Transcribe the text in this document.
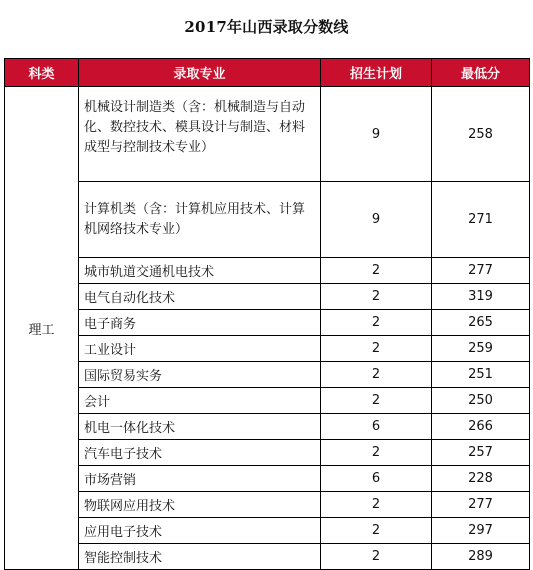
2017年山西录取分数线
科类	录取专业	招生计划	最低分
理工	机械设计制造类（含：机械制造与自动化、数控技术、模具设计与制造、材料成型与控制技术专业）	9	258
	计算机类（含：计算机应用技术、计算机网络技术专业）	9	271
	城市轨道交通机电技术	2	277
	电气自动化技术	2	319
	电子商务	2	265
	工业设计	2	259
	国际贸易实务	2	251
	会计	2	250
	机电一体化技术	6	266
	汽车电子技术	2	257
	市场营销	6	228
	物联网应用技术	2	277
	应用电子技术	2	297
	智能控制技术	2	289
